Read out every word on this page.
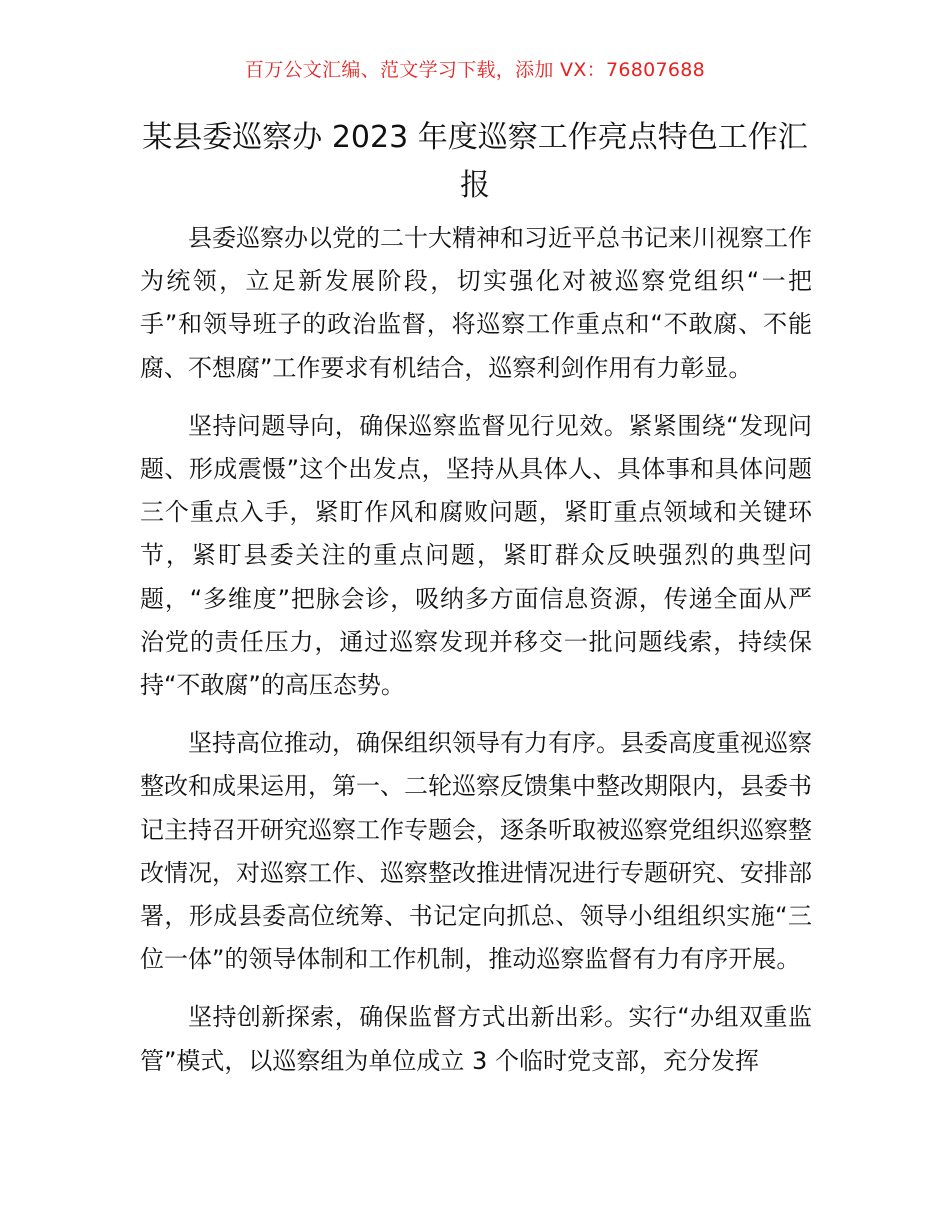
百万公文汇编、范文学习下载，添加 VX：76807688
某县委巡察办 2023 年度巡察工作亮点特色工作汇报

县委巡察办以党的二十大精神和习近平总书记来川视察工作为统领，立足新发展阶段，切实强化对被巡察党组织“一把手”和领导班子的政治监督，将巡察工作重点和“不敢腐、不能腐、不想腐”工作要求有机结合，巡察利剑作用有力彰显。

坚持问题导向，确保巡察监督见行见效。紧紧围绕“发现问题、形成震慑”这个出发点，坚持从具体人、具体事和具体问题三个重点入手，紧盯作风和腐败问题，紧盯重点领域和关键环节，紧盯县委关注的重点问题，紧盯群众反映强烈的典型问题，“多维度”把脉会诊，吸纳多方面信息资源，传递全面从严治党的责任压力，通过巡察发现并移交一批问题线索，持续保持“不敢腐”的高压态势。

坚持高位推动，确保组织领导有力有序。县委高度重视巡察整改和成果运用，第一、二轮巡察反馈集中整改期限内，县委书记主持召开研究巡察工作专题会，逐条听取被巡察党组织巡察整改情况，对巡察工作、巡察整改推进情况进行专题研究、安排部署，形成县委高位统筹、书记定向抓总、领导小组组织实施“三位一体”的领导体制和工作机制，推动巡察监督有力有序开展。

坚持创新探索，确保监督方式出新出彩。实行“办组双重监管”模式，以巡察组为单位成立 3 个临时党支部，充分发挥
